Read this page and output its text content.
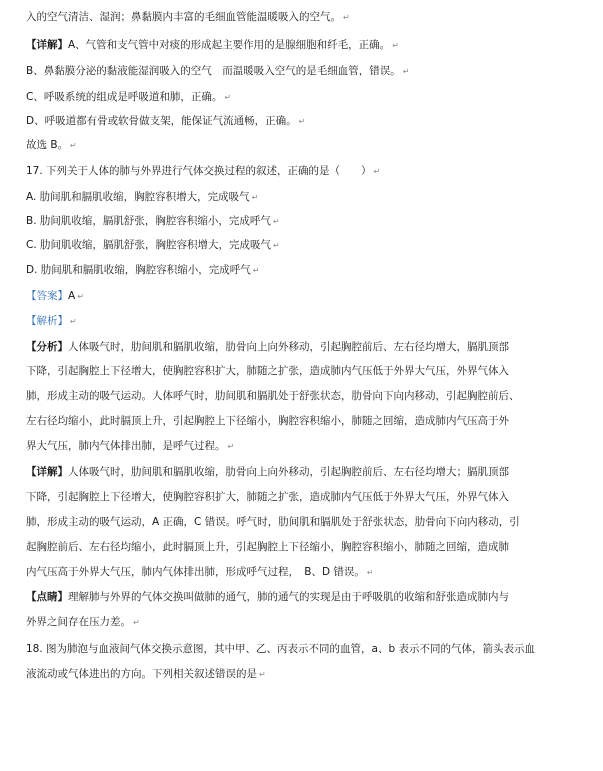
入的空气清洁、湿润；鼻黏膜内丰富的毛细血管能温暖吸入的空气。 ↵
【详解】A、气管和支气管中对痰的形成起主要作用的是腺细胞和纤毛，正确。 ↵
B、鼻黏膜分泌的黏液能湿润吸入的空气　而温暖吸入空气的是毛细血管，错误。 ↵
C、呼吸系统的组成是呼吸道和肺，正确。 ↵
D、呼吸道都有骨或软骨做支架，能保证气流通畅，正确。 ↵
故选 B。 ↵
17. 下列关于人体的肺与外界进行气体交换过程的叙述，正确的是（　　） ↵
A. 肋间肌和膈肌收缩，胸腔容积增大，完成吸气 ↵
B. 肋间肌收缩，膈肌舒张，胸腔容积缩小，完成呼气 ↵
C. 肋间肌收缩，膈肌舒张，胸腔容积增大，完成吸气 ↵
D. 肋间肌和膈肌收缩，胸腔容积缩小，完成呼气 ↵
【答案】A ↵
【解析】 ↵
【分析】人体吸气时，肋间肌和膈肌收缩，肋骨向上向外移动，引起胸腔前后、左右径均增大，膈肌顶部
下降，引起胸腔上下径增大，使胸腔容积扩大，肺随之扩张，造成肺内气压低于外界大气压，外界气体入
肺，形成主动的吸气运动。人体呼气时，肋间肌和膈肌处于舒张状态，肋骨向下向内移动，引起胸腔前后、
左右径均缩小，此时膈顶上升，引起胸腔上下径缩小，胸腔容积缩小，肺随之回缩，造成肺内气压高于外
界大气压，肺内气体排出肺，是呼气过程。 ↵
【详解】人体吸气时，肋间肌和膈肌收缩，肋骨向上向外移动，引起胸腔前后、左右径均增大；膈肌顶部
下降，引起胸腔上下径增大，使胸腔容积扩大，肺随之扩张，造成肺内气压低于外界大气压，外界气体入
肺，形成主动的吸气运动，A 正确，C 错误。呼气时，肋间肌和膈肌处于舒张状态，肋骨向下向内移动，引
起胸腔前后、左右径均缩小，此时膈顶上升，引起胸腔上下径缩小，胸腔容积缩小，肺随之回缩，造成肺
内气压高于外界大气压，肺内气体排出肺，形成呼气过程，　B、D 错误。 ↵
【点睛】理解肺与外界的气体交换叫做肺的通气，肺的通气的实现是由于呼吸肌的收缩和舒张造成肺内与
外界之间存在压力差。 ↵
18. 图为肺泡与血液间气体交换示意图，其中甲、乙、丙表示不同的血管，a、b 表示不同的气体，箭头表示血
液流动或气体进出的方向。下列相关叙述错误的是 ↵
